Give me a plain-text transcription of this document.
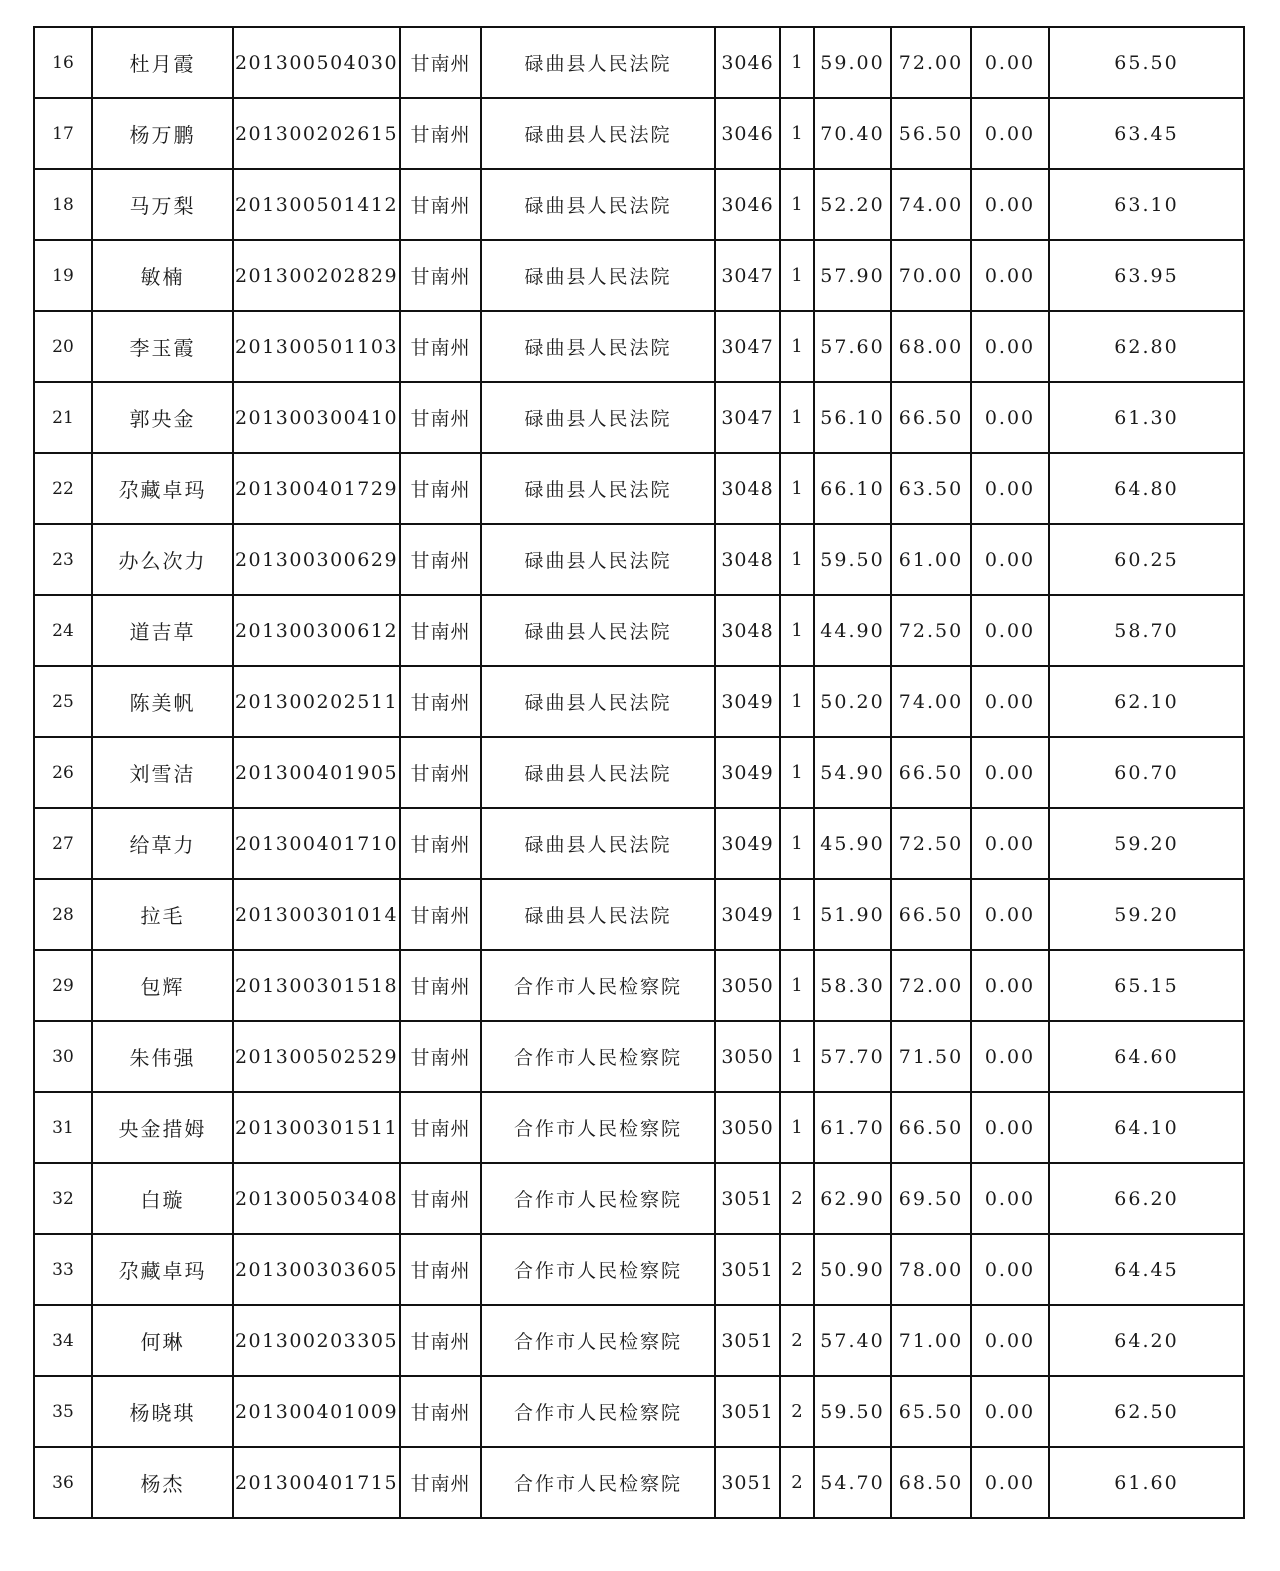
16	杜月霞	201300504030	甘南州	碌曲县人民法院	3046	1	59.00	72.00	0.00	65.50
17	杨万鹏	201300202615	甘南州	碌曲县人民法院	3046	1	70.40	56.50	0.00	63.45
18	马万梨	201300501412	甘南州	碌曲县人民法院	3046	1	52.20	74.00	0.00	63.10
19	敏楠	201300202829	甘南州	碌曲县人民法院	3047	1	57.90	70.00	0.00	63.95
20	李玉霞	201300501103	甘南州	碌曲县人民法院	3047	1	57.60	68.00	0.00	62.80
21	郭央金	201300300410	甘南州	碌曲县人民法院	3047	1	56.10	66.50	0.00	61.30
22	尕藏卓玛	201300401729	甘南州	碌曲县人民法院	3048	1	66.10	63.50	0.00	64.80
23	办么次力	201300300629	甘南州	碌曲县人民法院	3048	1	59.50	61.00	0.00	60.25
24	道吉草	201300300612	甘南州	碌曲县人民法院	3048	1	44.90	72.50	0.00	58.70
25	陈美帆	201300202511	甘南州	碌曲县人民法院	3049	1	50.20	74.00	0.00	62.10
26	刘雪洁	201300401905	甘南州	碌曲县人民法院	3049	1	54.90	66.50	0.00	60.70
27	给草力	201300401710	甘南州	碌曲县人民法院	3049	1	45.90	72.50	0.00	59.20
28	拉毛	201300301014	甘南州	碌曲县人民法院	3049	1	51.90	66.50	0.00	59.20
29	包辉	201300301518	甘南州	合作市人民检察院	3050	1	58.30	72.00	0.00	65.15
30	朱伟强	201300502529	甘南州	合作市人民检察院	3050	1	57.70	71.50	0.00	64.60
31	央金措姆	201300301511	甘南州	合作市人民检察院	3050	1	61.70	66.50	0.00	64.10
32	白璇	201300503408	甘南州	合作市人民检察院	3051	2	62.90	69.50	0.00	66.20
33	尕藏卓玛	201300303605	甘南州	合作市人民检察院	3051	2	50.90	78.00	0.00	64.45
34	何琳	201300203305	甘南州	合作市人民检察院	3051	2	57.40	71.00	0.00	64.20
35	杨晓琪	201300401009	甘南州	合作市人民检察院	3051	2	59.50	65.50	0.00	62.50
36	杨杰	201300401715	甘南州	合作市人民检察院	3051	2	54.70	68.50	0.00	61.60
